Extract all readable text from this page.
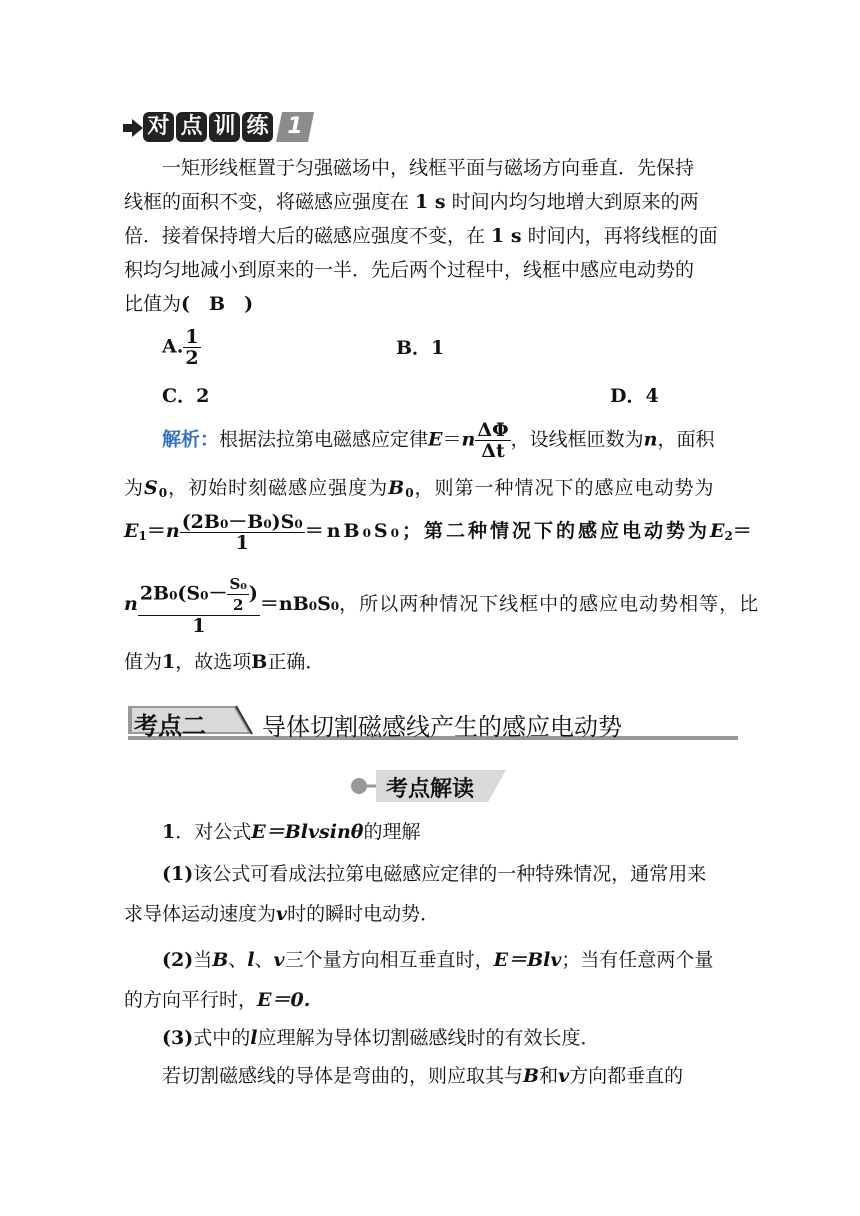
对 点 训 练 1
一矩形线框置于匀强磁场中，线框平面与磁场方向垂直．先保持
线框的面积不变，将磁感应强度在 1 s 时间内均匀地增大到原来的两
倍．接着保持增大后的磁感应强度不变，在 1 s 时间内，再将线框的面
积均匀地减小到原来的一半．先后两个过程中，线框中感应电动势的
比值为(　B　)
A. $\frac{1}{2}$	B．1
C．2	D．4
解析：根据法拉第电磁感应定律$E=n \frac{\Delta\Phi}{\Delta t}$ ，设线框匝数为n，面积
为$S_0$，初始时刻磁感应强度为$B_0$，则第一种情况下的感应电动势为
$E_1=n \frac{\text{(2B₀－B₀)S₀}}{1} =nB_0S_0$；第二种情况下的感应电动势为$E_2=$
n $\frac{2B_0(S_0- \frac{\text{S₀}}{2} )}{1} =nB_0S_0$，所以两种情况下线框中的感应电动势相等，比
值为1，故选项B正确．
考点二 导体切割磁感线产生的感应电动势
考点解读
1．对公式E＝Blvsinθ的理解
(1)该公式可看成法拉第电磁感应定律的一种特殊情况，通常用来
求导体运动速度为v时的瞬时电动势．
(2)当B、l、v三个量方向相互垂直时，E＝Blv；当有任意两个量
的方向平行时，E＝0.
(3)式中的l应理解为导体切割磁感线时的有效长度．
若切割磁感线的导体是弯曲的，则应取其与B和v方向都垂直的
